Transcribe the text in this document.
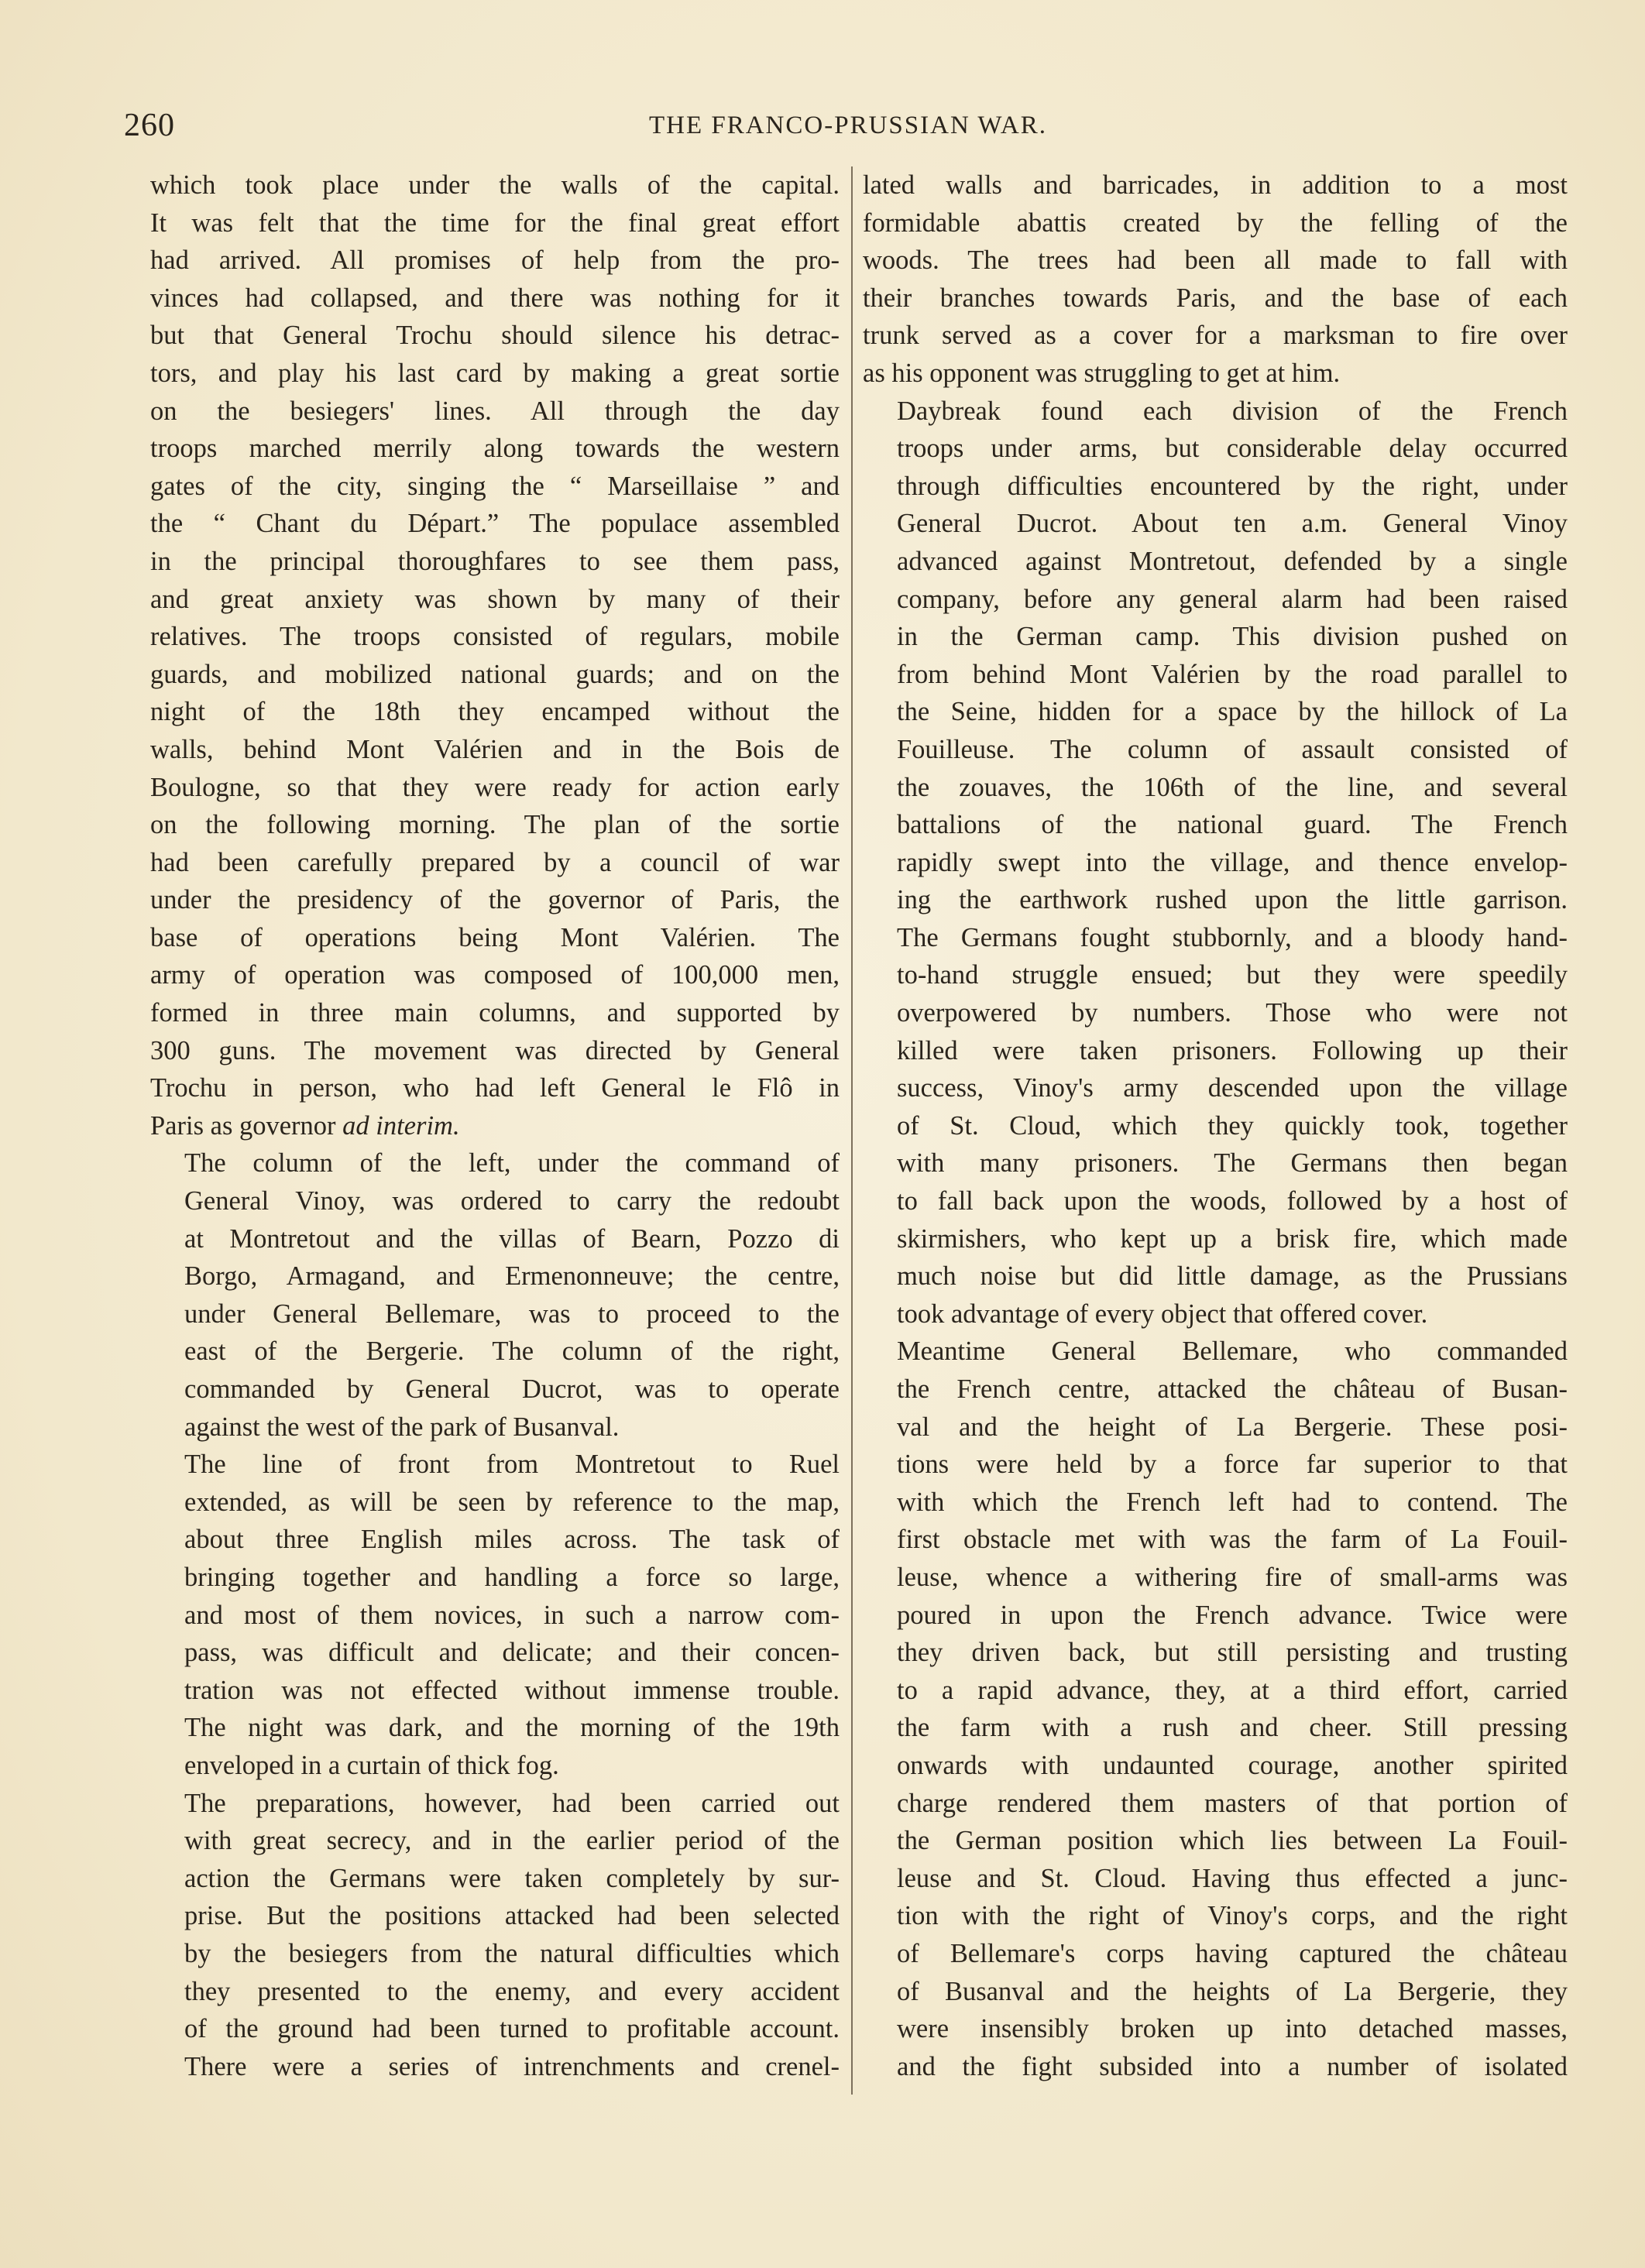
260	THE FRANCO-PRUSSIAN WAR.

which took place under the walls of the capital.
It was felt that the time for the final great effort
had arrived. All promises of help from the pro-
vinces had collapsed, and there was nothing for it
but that General Trochu should silence his detrac-
tors, and play his last card by making a great sortie
on the besiegers' lines. All through the day
troops marched merrily along towards the western
gates of the city, singing the “ Marseillaise ” and
the “ Chant du Départ.” The populace assembled
in the principal thoroughfares to see them pass,
and great anxiety was shown by many of their
relatives. The troops consisted of regulars, mobile
guards, and mobilized national guards; and on the
night of the 18th they encamped without the
walls, behind Mont Valérien and in the Bois de
Boulogne, so that they were ready for action early
on the following morning. The plan of the sortie
had been carefully prepared by a council of war
under the presidency of the governor of Paris, the
base of operations being Mont Valérien. The
army of operation was composed of 100,000 men,
formed in three main columns, and supported by
300 guns. The movement was directed by General
Trochu in person, who had left General le Flô in
Paris as governor ad interim.

The column of the left, under the command of
General Vinoy, was ordered to carry the redoubt
at Montretout and the villas of Bearn, Pozzo di
Borgo, Armagand, and Ermenonneuve; the centre,
under General Bellemare, was to proceed to the
east of the Bergerie. The column of the right,
commanded by General Ducrot, was to operate
against the west of the park of Busanval.

The line of front from Montretout to Ruel
extended, as will be seen by reference to the map,
about three English miles across. The task of
bringing together and handling a force so large,
and most of them novices, in such a narrow com-
pass, was difficult and delicate; and their concen-
tration was not effected without immense trouble.
The night was dark, and the morning of the 19th
enveloped in a curtain of thick fog.

The preparations, however, had been carried out
with great secrecy, and in the earlier period of the
action the Germans were taken completely by sur-
prise. But the positions attacked had been selected
by the besiegers from the natural difficulties which
they presented to the enemy, and every accident
of the ground had been turned to profitable account.
There were a series of intrenchments and crenel-

lated walls and barricades, in addition to a most
formidable abattis created by the felling of the
woods. The trees had been all made to fall with
their branches towards Paris, and the base of each
trunk served as a cover for a marksman to fire over
as his opponent was struggling to get at him.

Daybreak found each division of the French
troops under arms, but considerable delay occurred
through difficulties encountered by the right, under
General Ducrot. About ten a.m. General Vinoy
advanced against Montretout, defended by a single
company, before any general alarm had been raised
in the German camp. This division pushed on
from behind Mont Valérien by the road parallel to
the Seine, hidden for a space by the hillock of La
Fouilleuse. The column of assault consisted of
the zouaves, the 106th of the line, and several
battalions of the national guard. The French
rapidly swept into the village, and thence envelop-
ing the earthwork rushed upon the little garrison.
The Germans fought stubbornly, and a bloody hand-
to-hand struggle ensued; but they were speedily
overpowered by numbers. Those who were not
killed were taken prisoners. Following up their
success, Vinoy's army descended upon the village
of St. Cloud, which they quickly took, together
with many prisoners. The Germans then began
to fall back upon the woods, followed by a host of
skirmishers, who kept up a brisk fire, which made
much noise but did little damage, as the Prussians
took advantage of every object that offered cover.

Meantime General Bellemare, who commanded
the French centre, attacked the château of Busan-
val and the height of La Bergerie. These posi-
tions were held by a force far superior to that
with which the French left had to contend. The
first obstacle met with was the farm of La Fouil-
leuse, whence a withering fire of small-arms was
poured in upon the French advance. Twice were
they driven back, but still persisting and trusting
to a rapid advance, they, at a third effort, carried
the farm with a rush and cheer. Still pressing
onwards with undaunted courage, another spirited
charge rendered them masters of that portion of
the German position which lies between La Fouil-
leuse and St. Cloud. Having thus effected a junc-
tion with the right of Vinoy's corps, and the right
of Bellemare's corps having captured the château
of Busanval and the heights of La Bergerie, they
were insensibly broken up into detached masses,
and the fight subsided into a number of isolated
